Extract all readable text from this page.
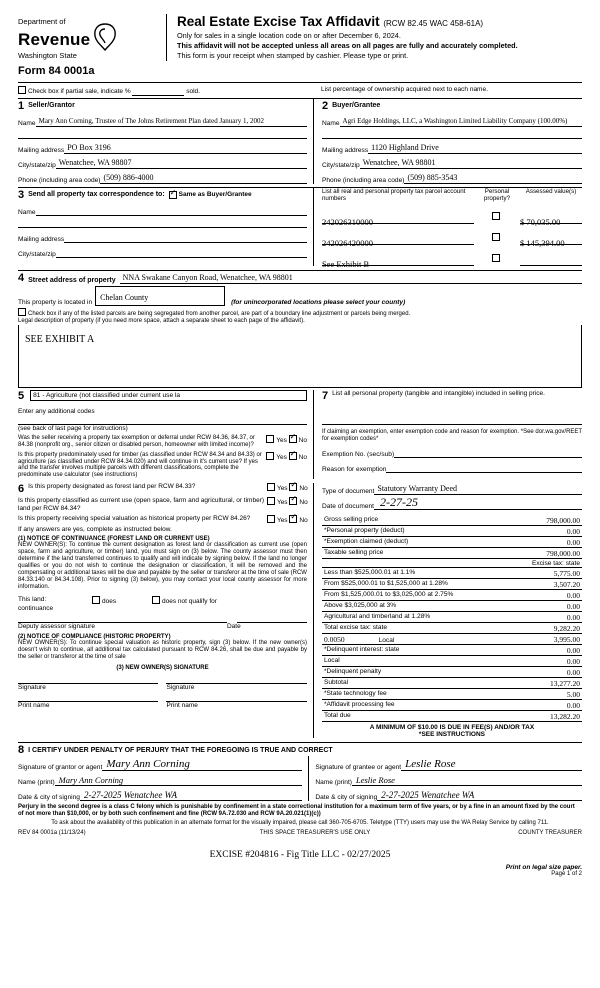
Department of
Revenue
Washington State
Form 84 0001a
Real Estate Excise Tax Affidavit (RCW 82.45 WAC 458-61A)
Only for sales in a single location code on or after December 6, 2024.
This affidavit will not be accepted unless all areas on all pages are fully and accurately completed.
This form is your receipt when stamped by cashier. Please type or print.
Check box if partial sale, indicate %	sold.	List percentage of ownership acquired next to each name.
1 Seller/Grantor
Name Mary Ann Corning, Trustee of The Johns Retirement Plan dated January 1, 2002
Mailing address PO Box 3196
City/state/zip Wenatchee, WA 98807
Phone (including area code) (509) 886-4000
2 Buyer/Grantee
Name Agri Edge Holdings, LLC, a Washington Limited Liability Company (100.00%)
Mailing address 1120 Highland Drive
City/state/zip Wenatchee, WA 98801
Phone (including area code) (509) 885-3543
3 Send all property tax correspondence to: ✓ Same as Buyer/Grantee
Name
Mailing address
City/state/zip
List all real and personal property tax parcel account numbers
Personal property?
Assessed value(s)
242026310000	$ 70,035.00
242026420000	$ 145,394.00
See Exhibit B
4 Street address of property NNA Swakane Canyon Road, Wenatchee, WA 98801
This property is located in
Chelan County
(for unincorporated locations please select your county)
Check box if any of the listed parcels are being segregated from another parcel, are part of a boundary line adjustment or parcels being merged.
Legal description of property (if you need more space, attach a separate sheet to each page of the affidavit).
SEE EXHIBIT A
5	81 - Agriculture (not classified under current use la
Enter any additional codes
(see back of last page for instructions)
Was the seller receiving a property tax exemption or deferral under RCW 84.36, 84.37, or 84.38 (nonprofit org., senior citizen or disabled person, homeowner with limited income)?
Yes ✓ No
Is this property predominately used for timber (as classified under RCW 84.34 and 84.33) or agriculture (as classified under RCW 84.34.020) and will continue in it's current use? If yes and the transfer involves multiple parcels with different classifications, complete the predominate use calculator (see instructions)
Yes ✓ No
7 List all personal property (tangible and intangible) included in selling price.
If claiming an exemption, enter exemption code and reason for exemption. *See dor.wa.gov/REET for exemption codes*
Exemption No. (sec/sub)
Reason for exemption
6 Is this property designated as forest land per RCW 84.33?	Yes ✓ No
Is this property classified as current use (open space, farm and agricultural, or timber) land per RCW 84.34?
Yes ✓ No
Is this property receiving special valuation as historical property per RCW 84.26?	Yes ✓ No
If any answers are yes, complete as instructed below.
(1) NOTICE OF CONTINUANCE (FOREST LAND OR CURRENT USE)
NEW OWNER(S): To continue the current designation as forest land or classification as current use (open space, farm and agriculture, or timber) land, you must sign on (3) below. The county assessor must then determine if the land transferred continues to qualify and will indicate by signing below. If the land no longer qualifies or you do not wish to continue the designation or classification, it will be removed and the compensating or additional taxes will be due and payable by the seller or transferor at the time of sale (RCW 84.33.140 or 84.34.108). Prior to signing (3) below), you may contact your local county assessor for more information.
This land:	does	does not qualify for
continuance
Deputy assessor signature	Date
(2) NOTICE OF COMPLIANCE (HISTORIC PROPERTY)
NEW OWNER(S): To continue special valuation as historic property, sign (3) below. If the new owner(s) doesn't wish to continue, all additional tax calculated pursuant to RCW 84.26, shall be due and payable by the seller or transferor at the time of sale
(3) NEW OWNER(S) SIGNATURE
Signature	Signature
Print name	Print name
Type of document Statutory Warranty Deed
Date of document 2-27-25
Gross selling price	798,000.00
*Personal property (deduct)	0.00
*Exemption claimed (deduct)	0.00
Taxable selling price	798,000.00
Excise tax: state
Less than $525,000.01 at 1.1%	5,775.00
From $525,000.01 to $1,525,000 at 1.28%	3,507.20
From $1,525,000.01 to $3,025,000 at 2.75%	0.00
Above $3,025,000 at 3%	0.00
Agricultural and timberland at 1.28%	0.00
Total excise tax: state	9,282.20
0.0050	Local	3,995.00
*Delinquent interest: state	0.00
Local	0.00
*Delinquent penalty	0.00
Subtotal	13,277.20
*State technology fee	5.00
*Affidavit processing fee	0.00
Total due	13,282.20
A MINIMUM OF $10.00 IS DUE IN FEE(S) AND/OR TAX
*SEE INSTRUCTIONS
8 I CERTIFY UNDER PENALTY OF PERJURY THAT THE FOREGOING IS TRUE AND CORRECT
Signature of grantor or agent Mary Ann Corning
Name (print) Mary Ann Corning
Date & city of signing 2-27-2025 Wenatchee WA
Signature of grantee or agent Leslie Rose
Name (print) Leslie Rose
Date & city of signing 2-27-2025 Wenatchee WA
Perjury in the second degree is a class C felony which is punishable by confinement in a state correctional institution for a maximum term of five years, or by a fine in an amount fixed by the court of not more than $10,000, or by both such confinement and fine (RCW 9A.72.030 and RCW 9A.20.021(1)(c))
To ask about the availability of this publication in an alternate format for the visually impaired, please call 360-705-6705. Teletype (TTY) users may use the WA Relay Service by calling 711.
REV 84 0001a (11/13/24)	THIS SPACE TREASURER'S USE ONLY	COUNTY TREASURER
EXCISE #204816 - Fig Title LLC - 02/27/2025
Print on legal size paper.
Page 1 of 2
